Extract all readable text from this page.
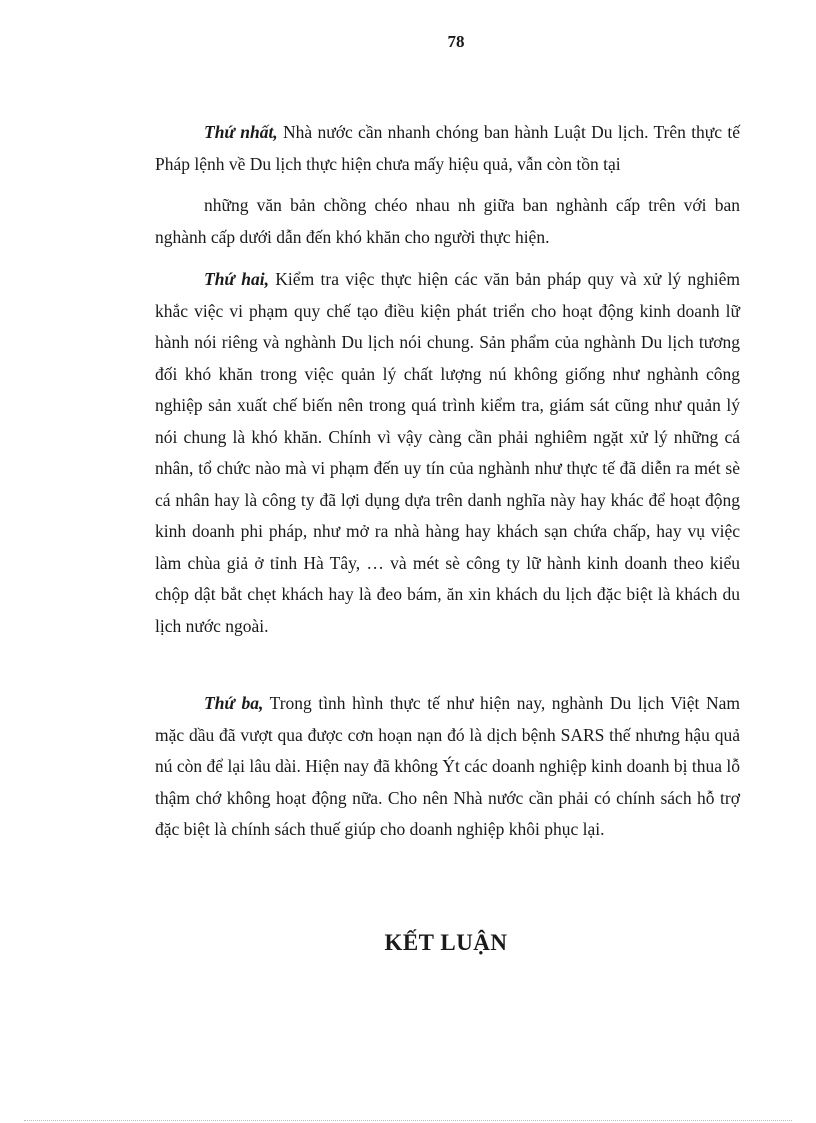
78

Thứ nhất, Nhà nước cần nhanh chóng ban hành Luật Du lịch. Trên thực tế Pháp lệnh về Du lịch thực hiện chưa mấy hiệu quả, vẫn còn tồn tại

những văn bản chồng chéo nhau nh giữa ban nghành cấp trên với ban nghành cấp dưới dẫn đến khó khăn cho người thực hiện.

Thứ hai, Kiểm tra việc thực hiện các văn bản pháp quy và xử lý nghiêm khắc việc vi phạm quy chế tạo điều kiện phát triển cho hoạt động kinh doanh lữ hành nói riêng và nghành Du lịch nói chung. Sản phẩm của nghành Du lịch tương đối khó khăn trong việc quản lý chất lượng nú không giống như nghành công nghiệp sản xuất chế biến nên trong quá trình kiểm tra, giám sát cũng như quản lý nói chung là khó khăn. Chính vì vậy càng cần phải nghiêm ngặt xử lý những cá nhân, tổ chức nào mà vi phạm đến uy tín của nghành như thực tế đã diễn ra mét sè cá nhân hay là công ty đã lợi dụng dựa trên danh nghĩa này hay khác để hoạt động kinh doanh phi pháp, như mở ra nhà hàng hay khách sạn chứa chấp, hay vụ việc làm chùa giả ở tỉnh Hà Tây, … và mét sè công ty lữ hành kinh doanh theo kiểu chộp dật bắt chẹt khách hay là đeo bám, ăn xin khách du lịch đặc biệt là khách du lịch nước ngoài.

Thứ ba, Trong tình hình thực tế như hiện nay, nghành Du lịch Việt Nam mặc dầu đã vượt qua được cơn hoạn nạn đó là dịch bệnh SARS thế nhưng hậu quả nú còn để lại lâu dài. Hiện nay đã không Ýt các doanh nghiệp kinh doanh bị thua lỗ thậm chớ không hoạt động nữa. Cho nên Nhà nước cần phải có chính sách hỗ trợ đặc biệt là chính sách thuế giúp cho doanh nghiệp khôi phục lại.

KẾT LUẬN
